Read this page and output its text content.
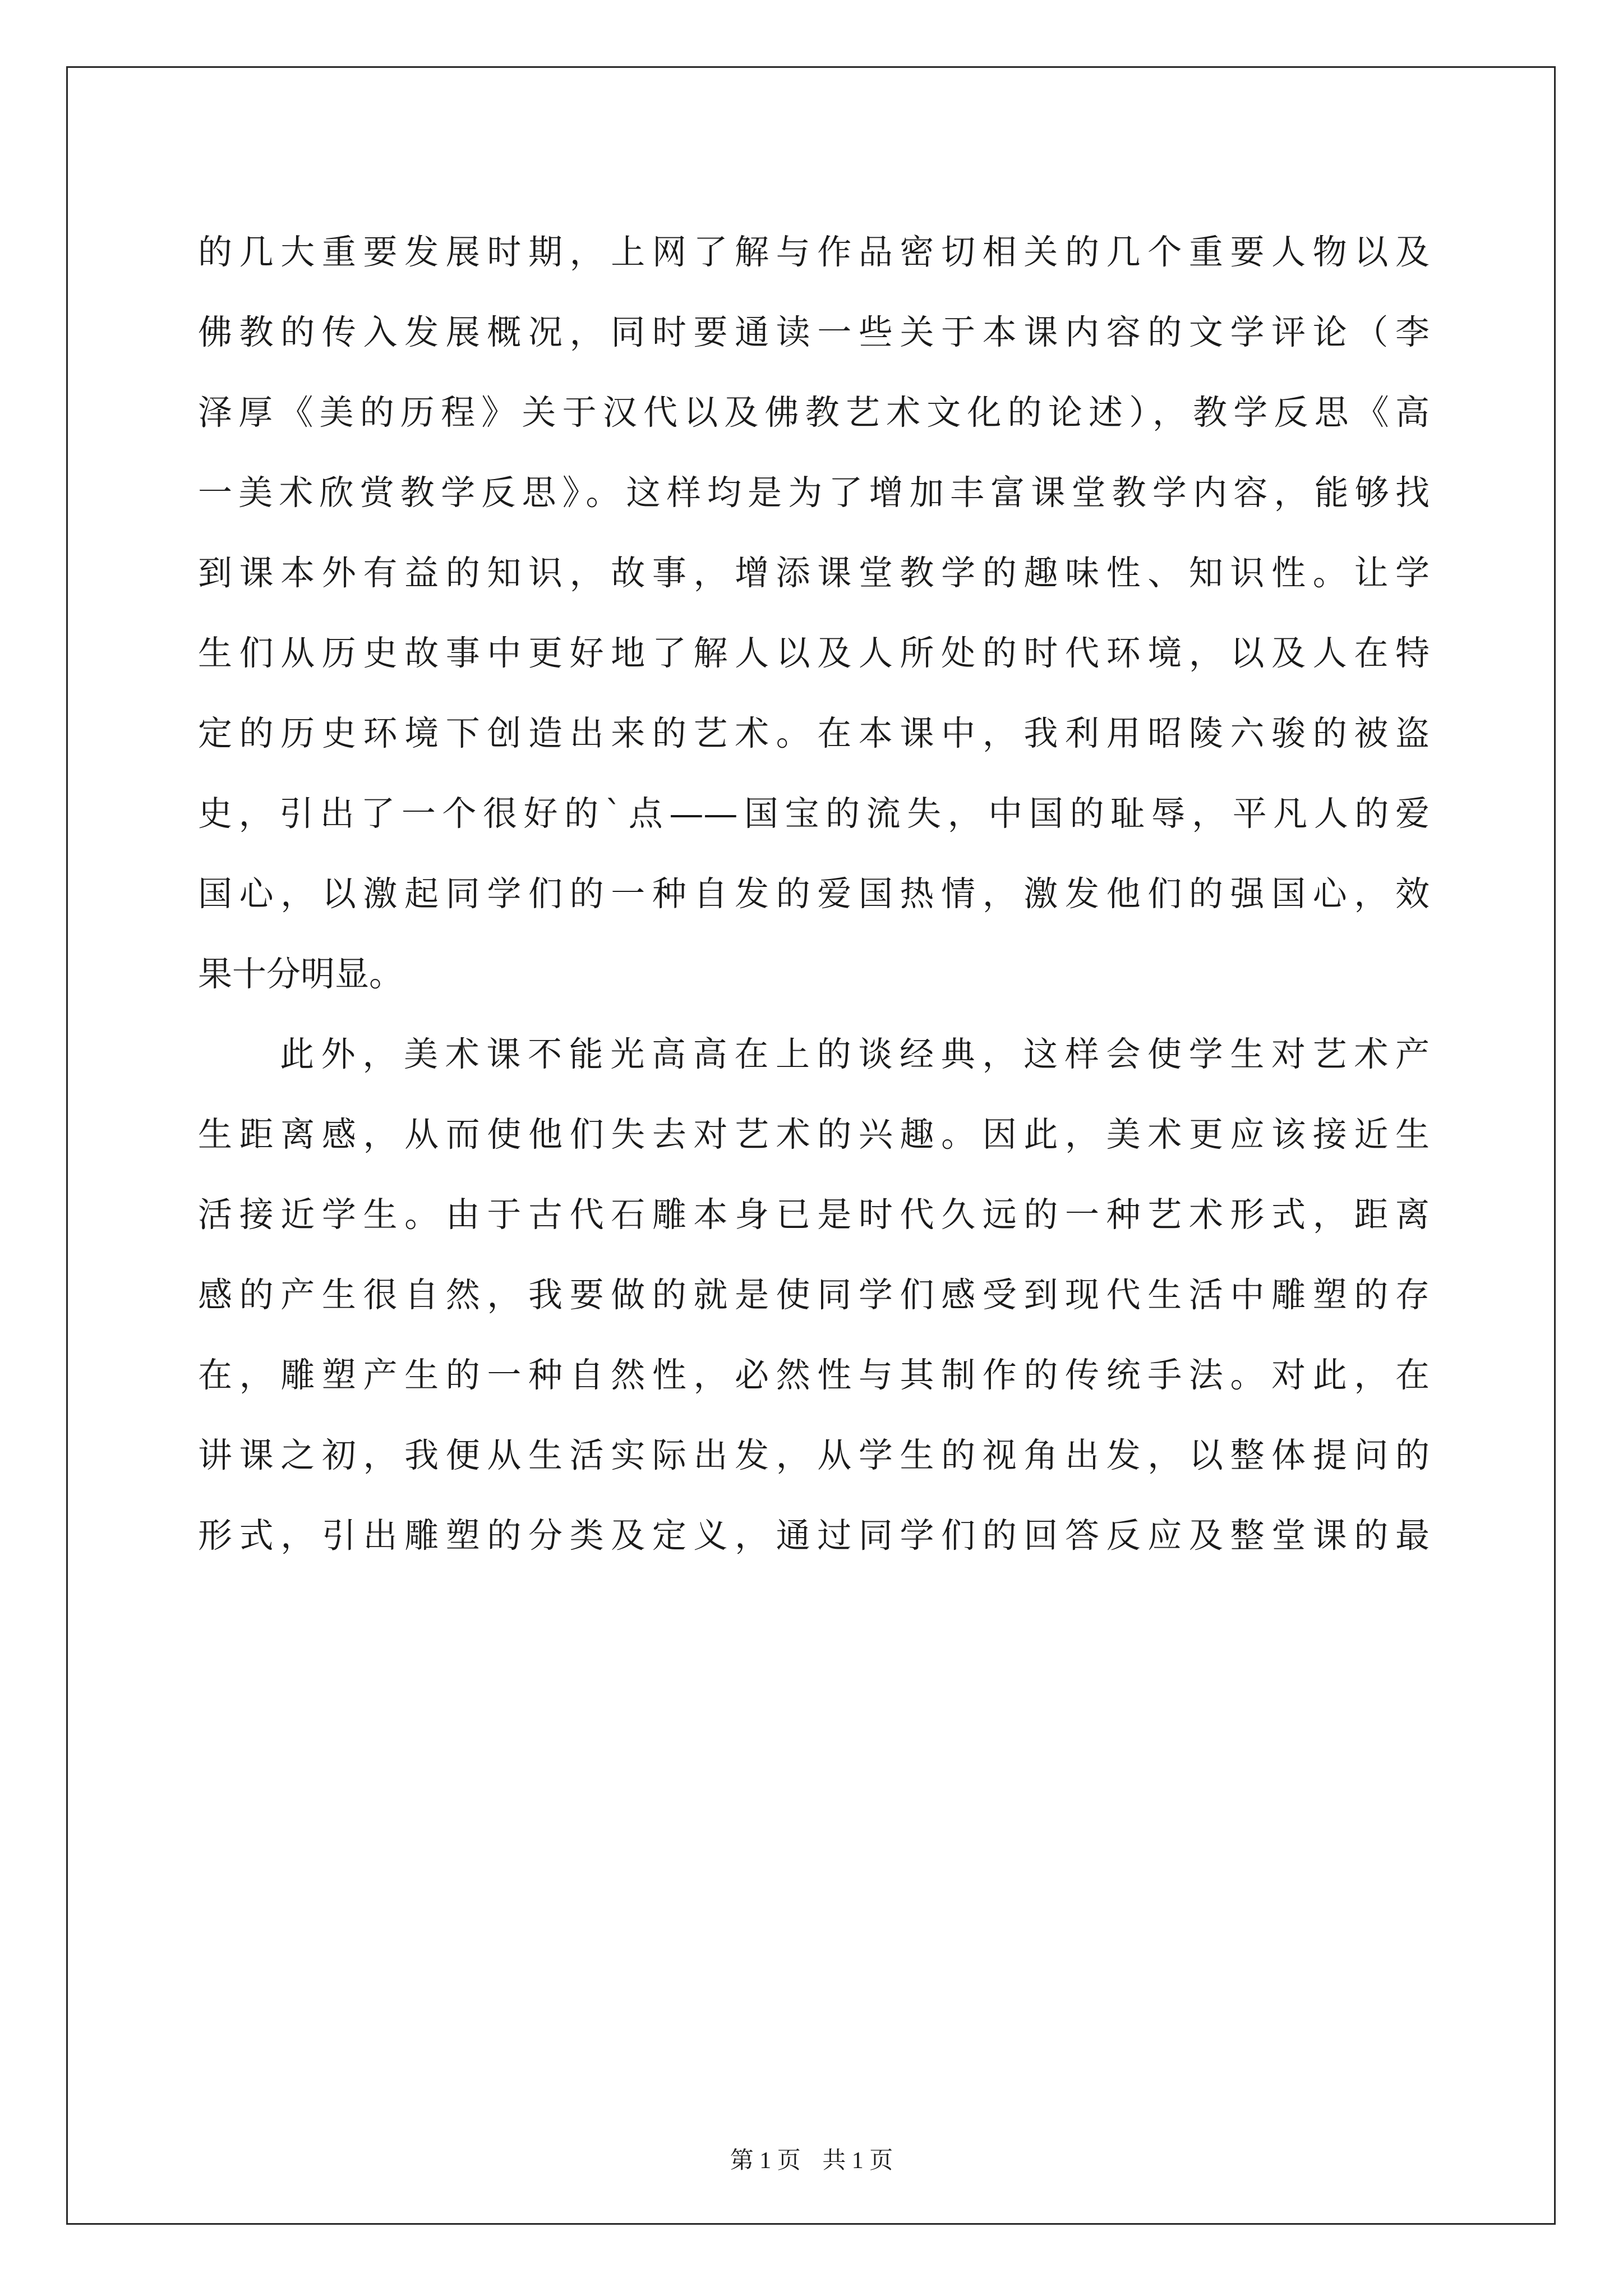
的几大重要发展时期，上网了解与作品密切相关的几个重要人物以及
佛教的传入发展概况，同时要通读一些关于本课内容的文学评论（李
泽厚《美的历程》关于汉代以及佛教艺术文化的论述），教学反思《高
一美术欣赏教学反思》。这样均是为了增加丰富课堂教学内容，能够找
到课本外有益的知识，故事，增添课堂教学的趣味性、知识性。让学
生们从历史故事中更好地了解人以及人所处的时代环境，以及人在特
定的历史环境下创造出来的艺术。在本课中，我利用昭陵六骏的被盗
史，引出了一个很好的`点——国宝的流失，中国的耻辱，平凡人的爱
国心，以激起同学们的一种自发的爱国热情，激发他们的强国心，效
果十分明显。
此外，美术课不能光高高在上的谈经典，这样会使学生对艺术产
生距离感，从而使他们失去对艺术的兴趣。因此，美术更应该接近生
活接近学生。由于古代石雕本身已是时代久远的一种艺术形式，距离
感的产生很自然，我要做的就是使同学们感受到现代生活中雕塑的存
在，雕塑产生的一种自然性，必然性与其制作的传统手法。对此，在
讲课之初，我便从生活实际出发，从学生的视角出发，以整体提问的
形式，引出雕塑的分类及定义，通过同学们的回答反应及整堂课的最
第 1 页 共 1 页
